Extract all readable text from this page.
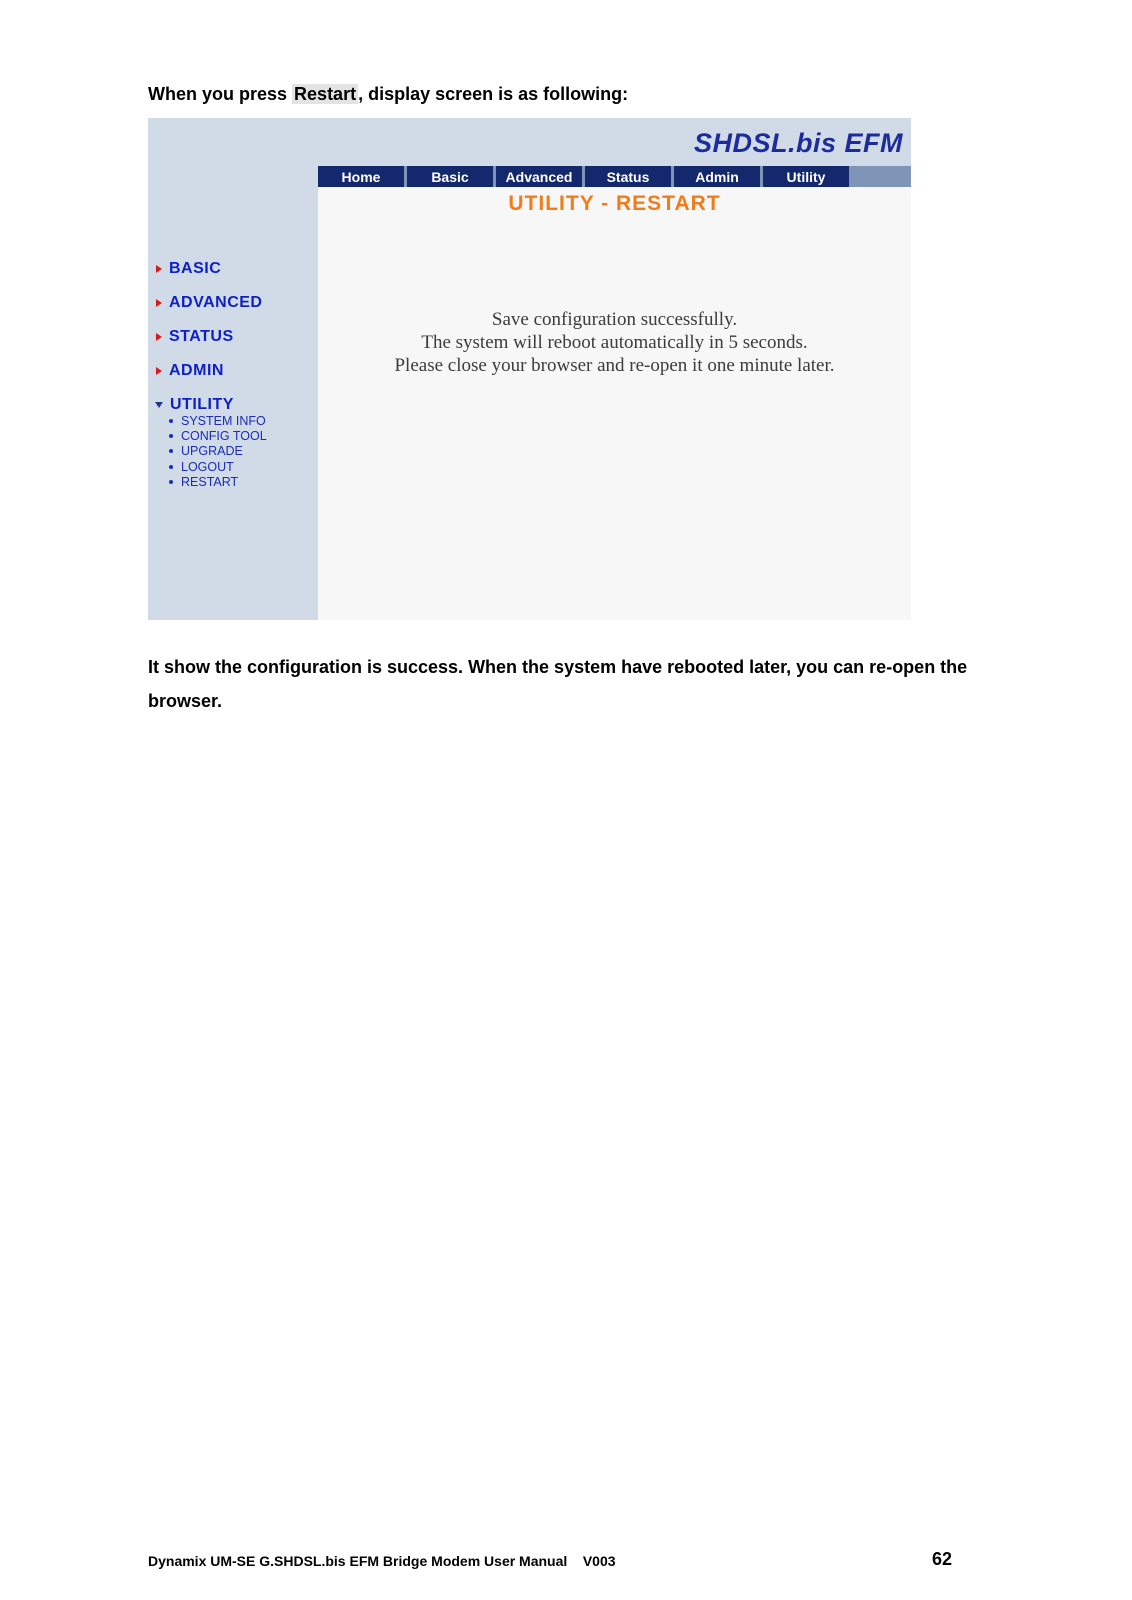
When you press Restart , display screen is as following:
SHDSL.bis EFM
Home	Basic	Advanced	Status	Admin	Utility
UTILITY - RESTART
Save configuration successfully.
The system will reboot automatically in 5 seconds.
Please close your browser and re-open it one minute later.
BASIC
ADVANCED
STATUS
ADMIN
UTILITY
SYSTEM INFO
CONFIG TOOL
UPGRADE
LOGOUT
RESTART
It show the configuration is success. When the system have rebooted later, you can re-open the browser.
Dynamix UM-SE G.SHDSL.bis EFM Bridge Modem User Manual    V003	62
